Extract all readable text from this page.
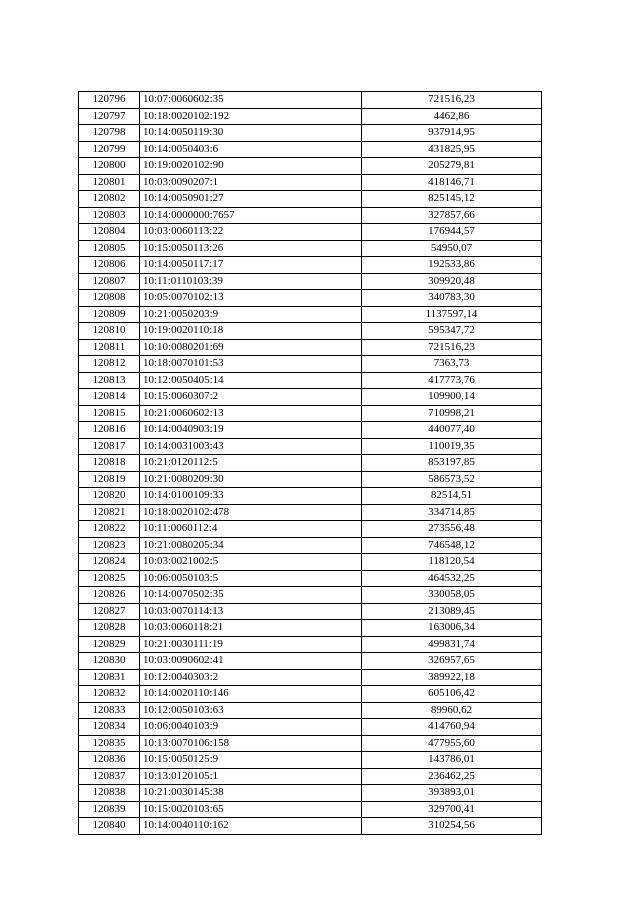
120796	10:07:0060602:35	721516,23
120797	10:18:0020102:192	4462,86
120798	10:14:0050119:30	937914,95
120799	10:14:0050403:6	431825,95
120800	10:19:0020102:90	205279,81
120801	10:03:0090207:1	418146,71
120802	10:14:0050901:27	825145,12
120803	10:14:0000000:7657	327857,66
120804	10:03:0060113:22	176944,57
120805	10:15:0050113:26	54950,07
120806	10:14:0050117:17	192533,86
120807	10:11:0110103:39	309920,48
120808	10:05:0070102:13	340783,30
120809	10:21:0050203:9	1137597,14
120810	10:19:0020110:18	595347,72
120811	10:10:0080201:69	721516,23
120812	10:18:0070101:53	7363,73
120813	10:12:0050405:14	417773,76
120814	10:15:0060307:2	109900,14
120815	10:21:0060602:13	710998,21
120816	10:14:0040903:19	440077,40
120817	10:14:0031003:43	110019,35
120818	10:21:0120112:5	853197,85
120819	10:21:0080209:30	586573,52
120820	10:14:0100109:33	82514,51
120821	10:18:0020102:478	334714,85
120822	10:11:0060112:4	273556,48
120823	10:21:0080205:34	746548,12
120824	10:03:0021002:5	118120,54
120825	10:06:0050103:5	464532,25
120826	10:14:0070502:35	330058,05
120827	10:03:0070114:13	213089,45
120828	10:03:0060118:21	163006,34
120829	10:21:0030111:19	499831,74
120830	10:03:0090602:41	326957,65
120831	10:12:0040303:2	389922,18
120832	10:14:0020110:146	605106,42
120833	10:12:0050103:63	89960,62
120834	10:06:0040103:9	414760,94
120835	10:13:0070106:158	477955,60
120836	10:15:0050125:9	143786,01
120837	10:13:0120105:1	236462,25
120838	10:21:0030145:38	393893,01
120839	10:15:0020103:65	329700,41
120840	10:14:0040110:162	310254,56
